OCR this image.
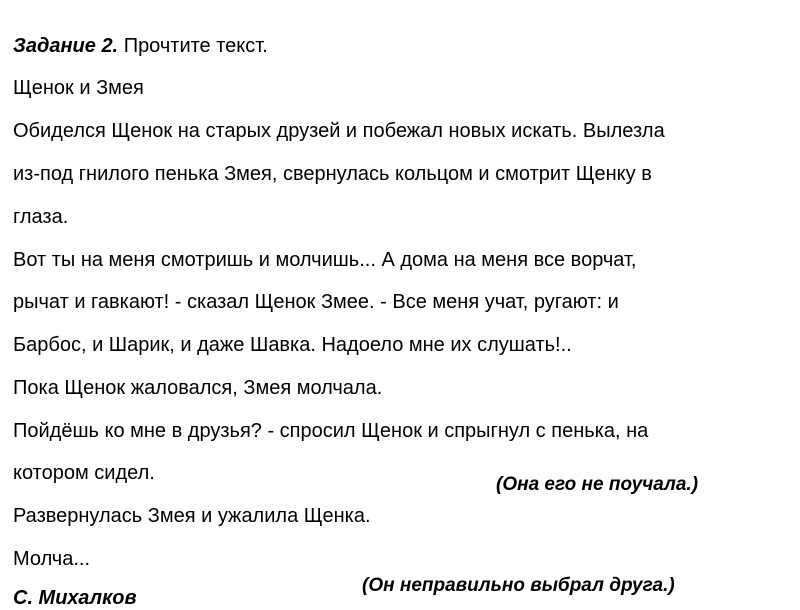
Задание 2. Прочтите текст.

Щенок и Змея

Обиделся Щенок на старых друзей и побежал новых искать. Вылезла

из-под гнилого пенька Змея, свернулась кольцом и смотрит Щенку в

глаза.

Вот ты на меня смотришь и молчишь... А дома на меня все ворчат,

рычат и гавкают! - сказал Щенок Змее. - Все меня учат, ругают: и

Барбос, и Шарик, и даже Шавка. Надоело мне их слушать!..

Пока Щенок жаловался, Змея молчала.

Пойдёшь ко мне в друзья? - спросил Щенок и спрыгнул с пенька, на

котором сидел.

Развернулась Змея и ужалила Щенка.

Молча...

С. Михалков

(Она его не поучала.)
(Он неправильно выбрал друга.)
